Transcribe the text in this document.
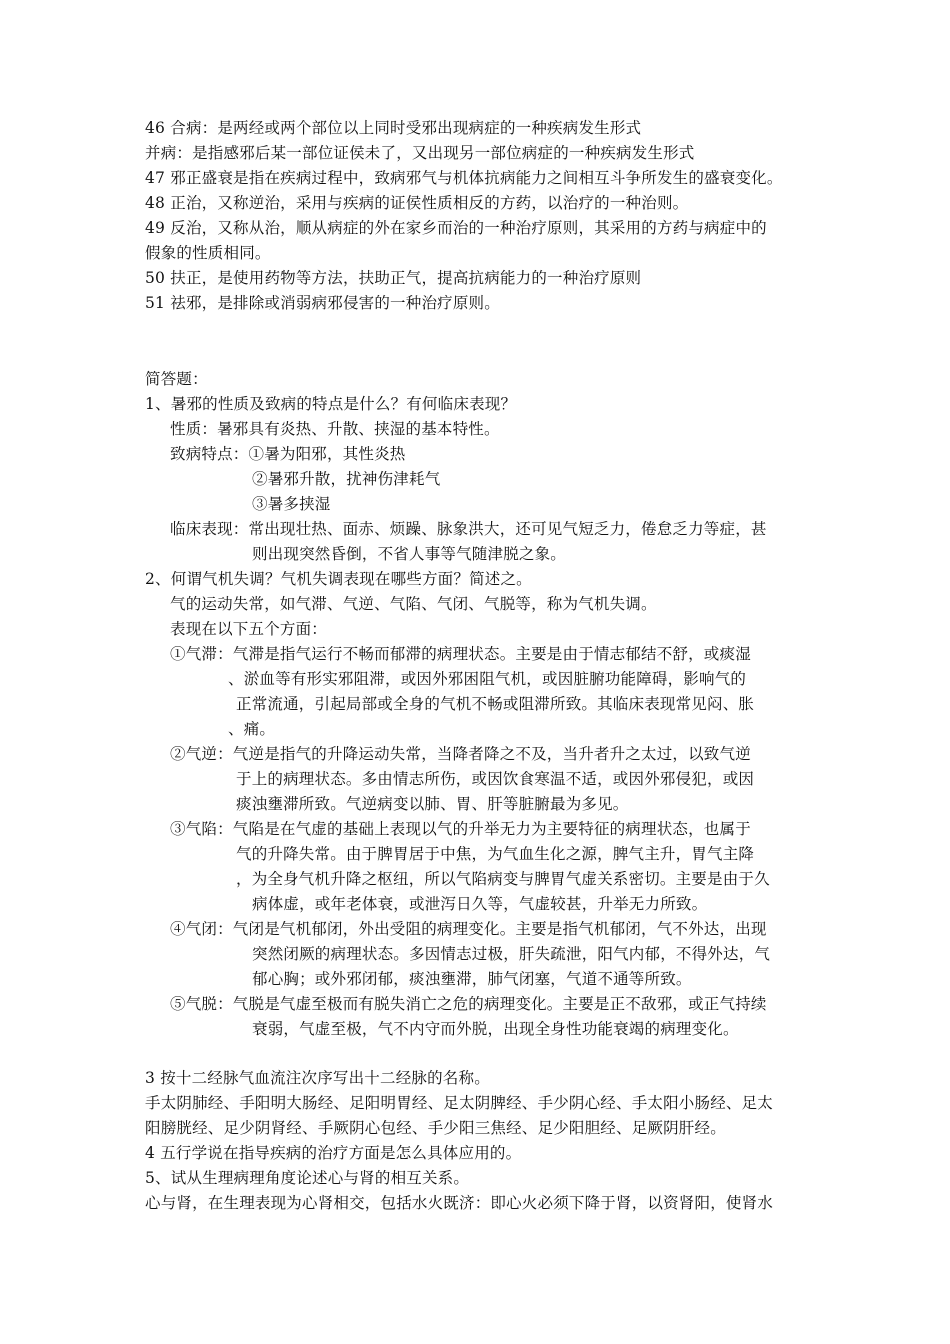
46 合病：是两经或两个部位以上同时受邪出现病症的一种疾病发生形式
并病：是指感邪后某一部位证侯未了，又出现另一部位病症的一种疾病发生形式
47 邪正盛衰是指在疾病过程中，致病邪气与机体抗病能力之间相互斗争所发生的盛衰变化。
48 正治，又称逆治，采用与疾病的证侯性质相反的方药，以治疗的一种治则。
49 反治，又称从治，顺从病症的外在家乡而治的一种治疗原则，其采用的方药与病症中的
假象的性质相同。
50 扶正，是使用药物等方法，扶助正气，提高抗病能力的一种治疗原则
51 祛邪，是排除或消弱病邪侵害的一种治疗原则。
简答题：
1、暑邪的性质及致病的特点是什么？有何临床表现？
性质：暑邪具有炎热、升散、挟湿的基本特性。
致病特点：①暑为阳邪，其性炎热
②暑邪升散，扰神伤津耗气
③暑多挟湿
临床表现：常出现壮热、面赤、烦躁、脉象洪大，还可见气短乏力，倦怠乏力等症，甚
则出现突然昏倒，不省人事等气随津脱之象。
2、何谓气机失调？气机失调表现在哪些方面？简述之。
气的运动失常，如气滞、气逆、气陷、气闭、气脱等，称为气机失调。
表现在以下五个方面：
①气滞：气滞是指气运行不畅而郁滞的病理状态。主要是由于情志郁结不舒，或痰湿
、淤血等有形实邪阻滞，或因外邪困阻气机，或因脏腑功能障碍，影响气的
正常流通，引起局部或全身的气机不畅或阻滞所致。其临床表现常见闷、胀
、痛。
②气逆：气逆是指气的升降运动失常，当降者降之不及，当升者升之太过，以致气逆
于上的病理状态。多由情志所伤，或因饮食寒温不适，或因外邪侵犯，或因
痰浊壅滞所致。气逆病变以肺、胃、肝等脏腑最为多见。
③气陷：气陷是在气虚的基础上表现以气的升举无力为主要特征的病理状态，也属于
气的升降失常。由于脾胃居于中焦，为气血生化之源，脾气主升，胃气主降
，为全身气机升降之枢纽，所以气陷病变与脾胃气虚关系密切。主要是由于久
病体虚，或年老体衰，或泄泻日久等，气虚较甚，升举无力所致。
④气闭：气闭是气机郁闭，外出受阻的病理变化。主要是指气机郁闭，气不外达，出现
突然闭厥的病理状态。多因情志过极，肝失疏泄，阳气内郁，不得外达，气
郁心胸；或外邪闭郁，痰浊壅滞，肺气闭塞，气道不通等所致。
⑤气脱：气脱是气虚至极而有脱失消亡之危的病理变化。主要是正不敌邪，或正气持续
衰弱，气虚至极，气不内守而外脱，出现全身性功能衰竭的病理变化。
3 按十二经脉气血流注次序写出十二经脉的名称。
手太阴肺经、手阳明大肠经、足阳明胃经、足太阴脾经、手少阴心经、手太阳小肠经、足太
阳膀胱经、足少阴肾经、手厥阴心包经、手少阳三焦经、足少阳胆经、足厥阴肝经。
4 五行学说在指导疾病的治疗方面是怎么具体应用的。
5、试从生理病理角度论述心与肾的相互关系。
心与肾，在生理表现为心肾相交，包括水火既济：即心火必须下降于肾，以资肾阳，使肾水
